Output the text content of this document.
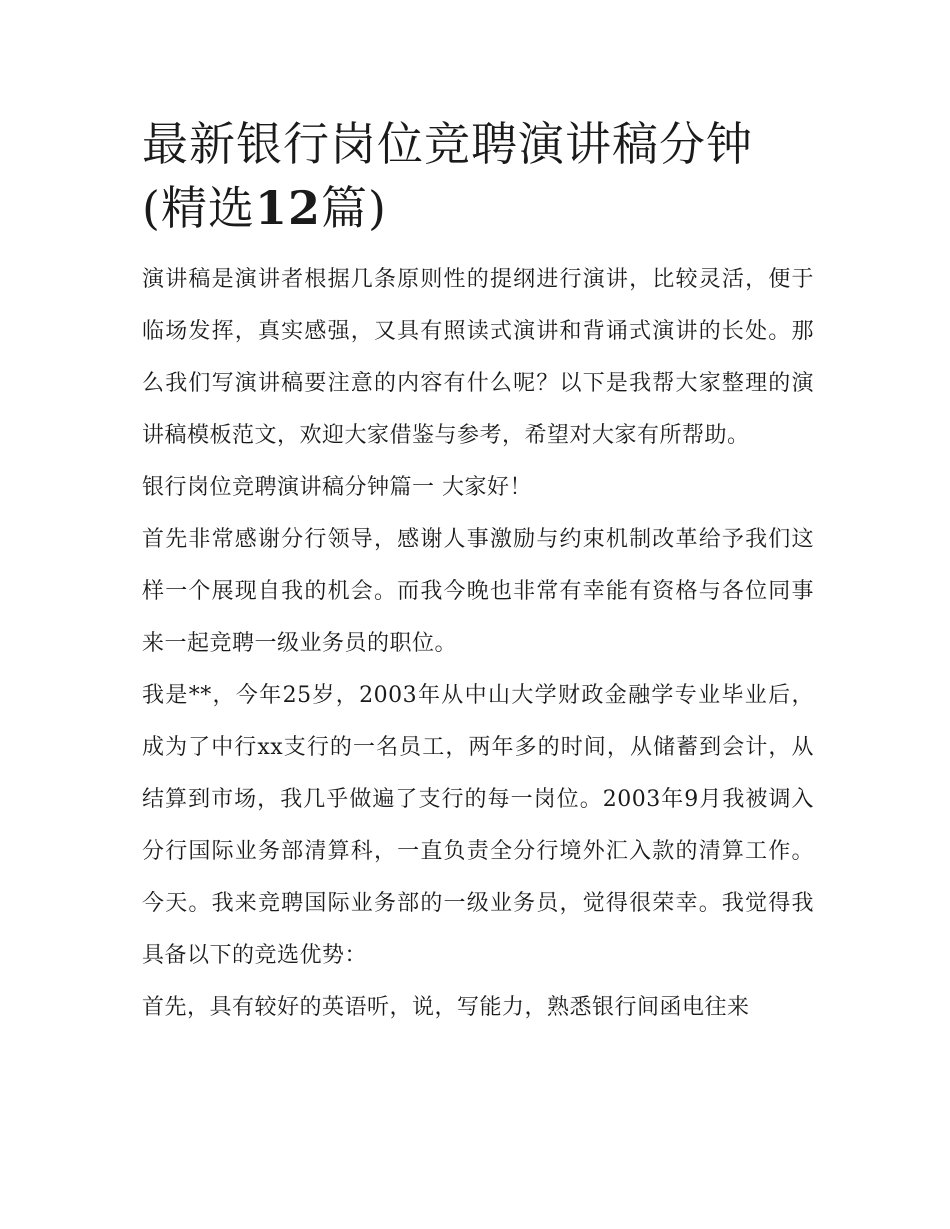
最新银行岗位竞聘演讲稿分钟
(精选12篇)

演讲稿是演讲者根据几条原则性的提纲进行演讲，比较灵活，便于临场发挥，真实感强，又具有照读式演讲和背诵式演讲的长处。那么我们写演讲稿要注意的内容有什么呢？以下是我帮大家整理的演讲稿模板范文，欢迎大家借鉴与参考，希望对大家有所帮助。

银行岗位竞聘演讲稿分钟篇一 大家好！

首先非常感谢分行领导，感谢人事激励与约束机制改革给予我们这样一个展现自我的机会。而我今晚也非常有幸能有资格与各位同事来一起竞聘一级业务员的职位。

我是**，今年25岁，2003年从中山大学财政金融学专业毕业后，成为了中行xx支行的一名员工，两年多的时间，从储蓄到会计，从结算到市场，我几乎做遍了支行的每一岗位。2003年9月我被调入分行国际业务部清算科，一直负责全分行境外汇入款的清算工作。今天。我来竞聘国际业务部的一级业务员，觉得很荣幸。我觉得我具备以下的竞选优势：

首先，具有较好的英语听，说，写能力，熟悉银行间函电往来
